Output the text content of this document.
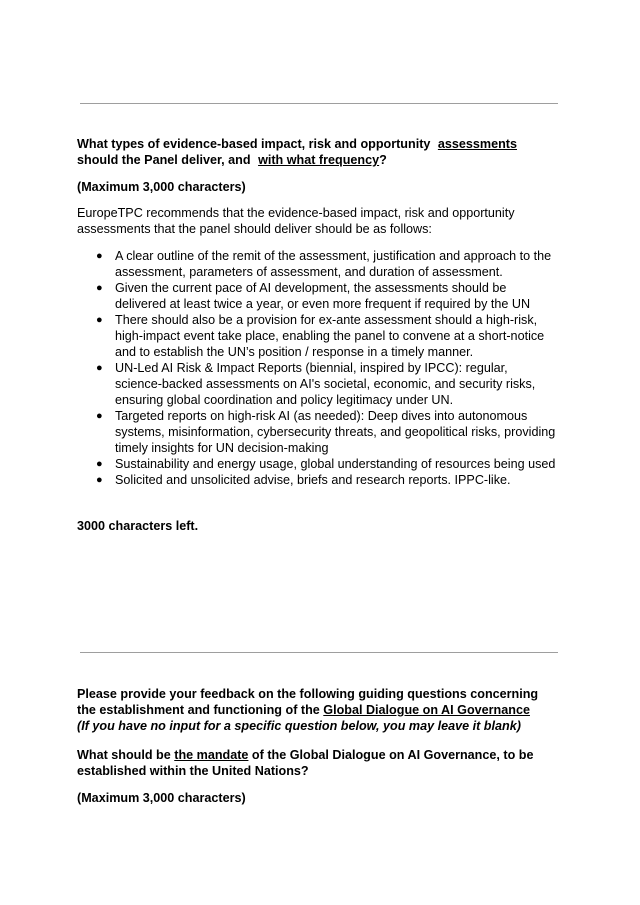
What types of evidence-based impact, risk and opportunity assessments
should the Panel deliver, and with what frequency?

(Maximum 3,000 characters)

EuropeTPC recommends that the evidence-based impact, risk and opportunity assessments that the panel should deliver should be as follows:

● A clear outline of the remit of the assessment, justification and approach to the assessment, parameters of assessment, and duration of assessment.
● Given the current pace of AI development, the assessments should be delivered at least twice a year, or even more frequent if required by the UN
● There should also be a provision for ex-ante assessment should a high-risk, high-impact event take place, enabling the panel to convene at a short-notice and to establish the UN’s position / response in a timely manner.
● UN-Led AI Risk & Impact Reports (biennial, inspired by IPCC): regular, science-backed assessments on AI's societal, economic, and security risks, ensuring global coordination and policy legitimacy under UN.
● Targeted reports on high-risk AI (as needed): Deep dives into autonomous systems, misinformation, cybersecurity threats, and geopolitical risks, providing timely insights for UN decision-making
● Sustainability and energy usage, global understanding of resources being used
● Solicited and unsolicited advise, briefs and research reports. IPPC-like.

3000 characters left.

Please provide your feedback on the following guiding questions concerning the establishment and functioning of the Global Dialogue on AI Governance
(If you have no input for a specific question below, you may leave it blank)
What should be the mandate of the Global Dialogue on AI Governance, to be established within the United Nations?

(Maximum 3,000 characters)
